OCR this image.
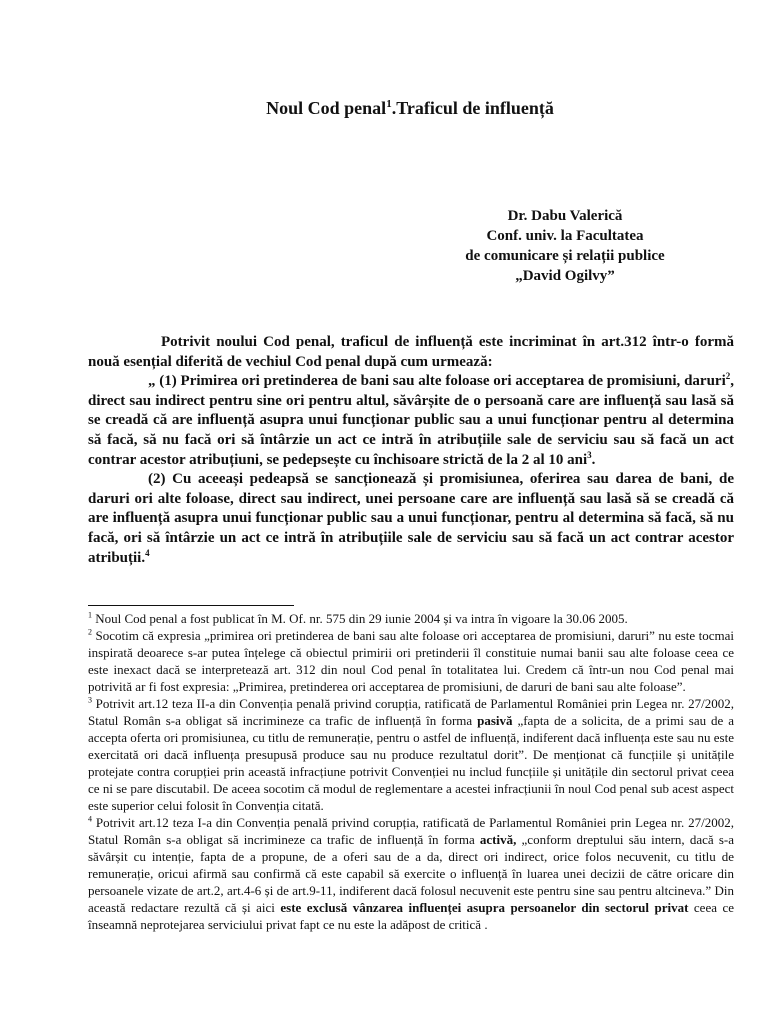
Noul Cod penal$^1$.Traficul de influență
Dr. Dabu Valerică
Conf. univ. la Facultatea
de comunicare și relații publice
„David Ogilvy”

Potrivit noului Cod penal, traficul de influență este incriminat în art.312 într-o formă nouă esențial diferită de vechiul Cod penal după cum urmează:

„ (1) Primirea ori pretinderea de bani sau alte foloase ori acceptarea de promisiuni, daruri$^2$, direct sau indirect pentru sine ori pentru altul, săvârșite de o persoană care are influență sau lasă să se creadă că are influență asupra unui funcționar public sau a unui funcționar pentru al determina să facă, să nu facă ori să întârzie un act ce intră în atribuțiile sale de serviciu sau să facă un act contrar acestor atribuțiuni, se pedepsește cu închisoare strictă de la 2 al 10 ani$^3$.

(2) Cu aceeași pedeapsă se sancționează și promisiunea, oferirea sau darea de bani, de daruri ori alte foloase, direct sau indirect, unei persoane care are influență sau lasă să se creadă că are influență asupra unui funcționar public sau a unui funcționar, pentru al determina să facă, să nu facă, ori să întârzie un act ce intră în atribuțiile sale de serviciu sau să facă un act contrar acestor atribuții.$^4$

$^1$ Noul Cod penal a fost publicat în M. Of. nr. 575 din 29 iunie 2004 și va intra în vigoare la 30.06 2005.

$^2$ Socotim că expresia „primirea ori pretinderea de bani sau alte foloase ori acceptarea de promisiuni, daruri” nu este tocmai inspirată deoarece s-ar putea înțelege că obiectul primirii ori pretinderii îl constituie numai banii sau alte foloase ceea ce este inexact dacă se interpretează art. 312 din noul Cod penal în totalitatea lui. Credem că într-un nou Cod penal mai potrivită ar fi fost expresia: „Primirea, pretinderea ori acceptarea de promisiuni, de daruri de bani sau alte foloase”.

$^3$ Potrivit art.12 teza II-a din Convenția penală privind corupția, ratificată de Parlamentul României prin Legea nr. 27/2002, Statul Român s-a obligat să incrimineze ca trafic de influență în forma pasivă „fapta de a solicita, de a primi sau de a accepta oferta ori promisiunea, cu titlu de remunerație, pentru o astfel de influență, indiferent dacă influența este sau nu este exercitată ori dacă influența presupusă produce sau nu produce rezultatul dorit”. De menționat că funcțiile și unitățile protejate contra corupției prin această infracțiune potrivit Convenției nu includ funcțiile și unitățile din sectorul privat ceea ce ni se pare discutabil. De aceea socotim că modul de reglementare a acestei infracțiunii în noul Cod penal sub acest aspect este superior celui folosit în Convenția citată.

$^4$ Potrivit art.12 teza I-a din Convenția penală privind corupția, ratificată de Parlamentul României prin Legea nr. 27/2002, Statul Român s-a obligat să incrimineze ca trafic de influență în forma activă, „conform dreptului său intern, dacă s-a săvârșit cu intenție, fapta de a propune, de a oferi sau de a da, direct ori indirect, orice folos necuvenit, cu titlu de remunerație, oricui afirmă sau confirmă că este capabil să exercite o influență în luarea unei decizii de către oricare din persoanele vizate de art.2, art.4-6 și de art.9-11, indiferent dacă folosul necuvenit este pentru sine sau pentru altcineva.” Din această redactare rezultă că și aici este exclusă vânzarea influenței asupra persoanelor din sectorul privat ceea ce înseamnă neprotejarea serviciului privat fapt ce nu este la adăpost de critică .
